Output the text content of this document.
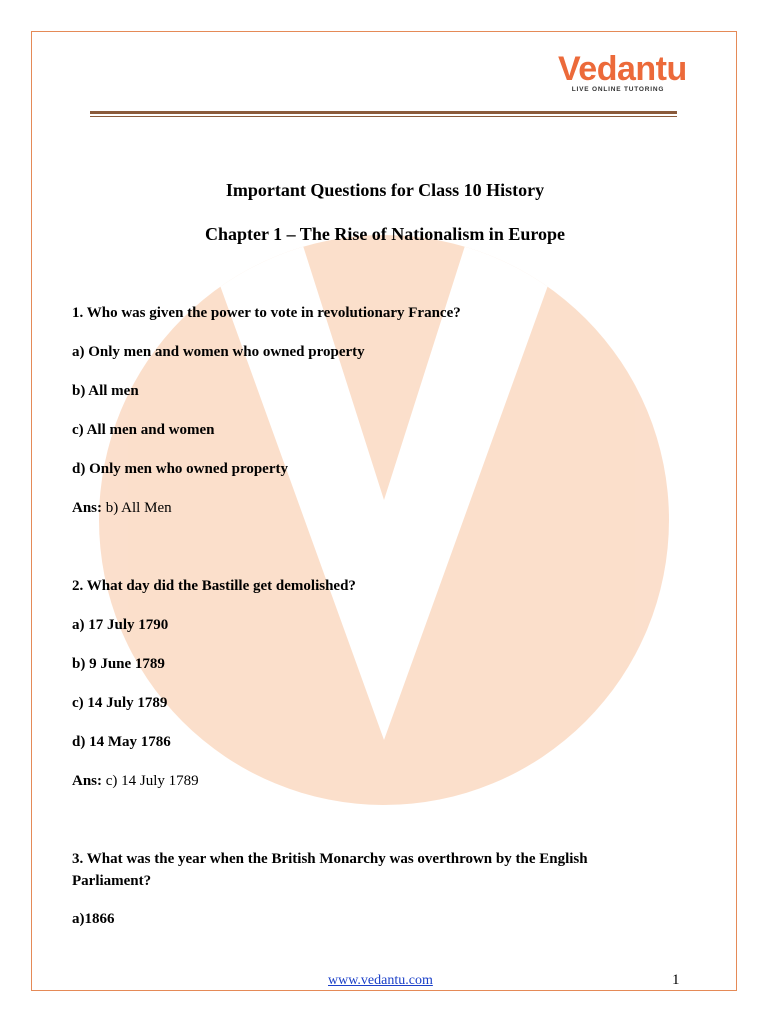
Vedantu
LIVE ONLINE TUTORING
Important Questions for Class 10 History
Chapter 1 – The Rise of Nationalism in Europe
1. Who was given the power to vote in revolutionary France?
a) Only men and women who owned property
b) All men
c) All men and women
d) Only men who owned property
Ans: b) All Men
2. What day did the Bastille get demolished?
a) 17 July 1790
b) 9 June 1789
c) 14 July 1789
d) 14 May 1786
Ans: c) 14 July 1789
3. What was the year when the British Monarchy was overthrown by the English
Parliament?
a)1866
www.vedantu.com	1
